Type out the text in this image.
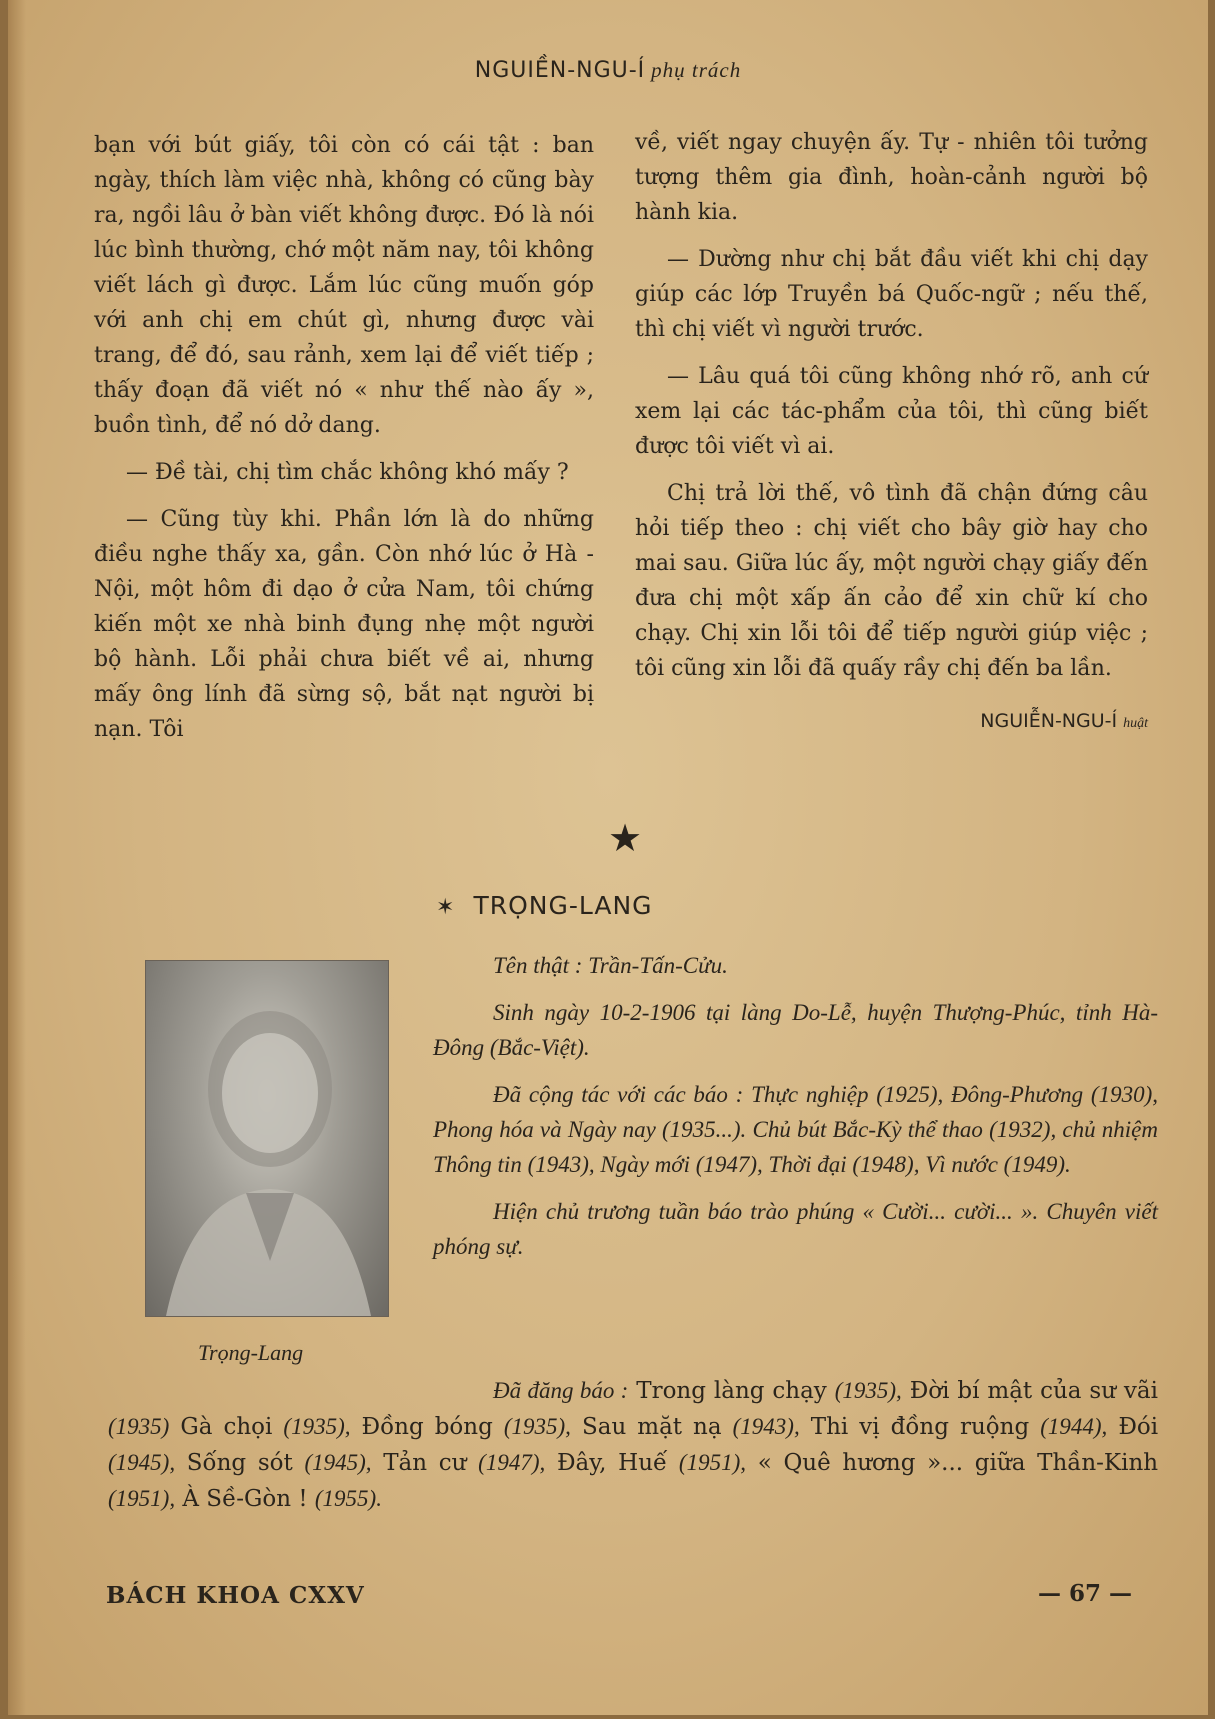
NGUIỀN-NGU-Í phụ trách

bạn với bút giấy, tôi còn có cái tật : ban ngày, thích làm việc nhà, không có cũng bày ra, ngồi lâu ở bàn viết không được. Đó là nói lúc bình thường, chớ một năm nay, tôi không viết lách gì được. Lắm lúc cũng muốn góp với anh chị em chút gì, nhưng được vài trang, để đó, sau rảnh, xem lại để viết tiếp ; thấy đoạn đã viết nó « như thế nào ấy », buồn tình, để nó dở dang.

— Đề tài, chị tìm chắc không khó mấy ?

— Cũng tùy khi. Phần lớn là do những điều nghe thấy xa, gần. Còn nhớ lúc ở Hà - Nội, một hôm đi dạo ở cửa Nam, tôi chứng kiến một xe nhà binh đụng nhẹ một người bộ hành. Lỗi phải chưa biết về ai, nhưng mấy ông lính đã sừng sộ, bắt nạt người bị nạn. Tôi

về, viết ngay chuyện ấy. Tự - nhiên tôi tưởng tượng thêm gia đình, hoàn-cảnh người bộ hành kia.

— Dường như chị bắt đầu viết khi chị dạy giúp các lớp Truyền bá Quốc-ngữ ; nếu thế, thì chị viết vì người trước.

— Lâu quá tôi cũng không nhớ rõ, anh cứ xem lại các tác-phẩm của tôi, thì cũng biết được tôi viết vì ai.

Chị trả lời thế, vô tình đã chận đứng câu hỏi tiếp theo : chị viết cho bây giờ hay cho mai sau. Giữa lúc ấy, một người chạy giấy đến đưa chị một xấp ấn cảo để xin chữ kí cho chạy. Chị xin lỗi tôi để tiếp người giúp việc ; tôi cũng xin lỗi đã quấy rầy chị đến ba lần.

NGUIỄN-NGU-Í huật
★
✶ TRỌNG-LANG
Trọng-Lang

Tên thật : Trần-Tấn-Cửu.

Sinh ngày 10-2-1906 tại làng Do-Lễ, huyện Thượng-Phúc, tỉnh Hà-Đông (Bắc-Việt).

Đã cộng tác với các báo : Thực nghiệp (1925), Đông-Phương (1930), Phong hóa và Ngày nay (1935...). Chủ bút Bắc-Kỳ thể thao (1932), chủ nhiệm Thông tin (1943), Ngày mới (1947), Thời đại (1948), Vì nước (1949).

Hiện chủ trương tuần báo trào phúng « Cười... cười... ». Chuyên viết phóng sự.

Đã đăng báo : Trong làng chạy (1935), Đời bí mật của sư vãi (1935) Gà chọi (1935), Đồng bóng (1935), Sau mặt nạ (1943), Thi vị đồng ruộng (1944), Đói (1945), Sống sót (1945), Tản cư (1947), Đây, Huế (1951), « Quê hương »... giữa Thần-Kinh (1951), À Sề-Gòn ! (1955).
BÁCH KHOA CXXV	— 67 —
